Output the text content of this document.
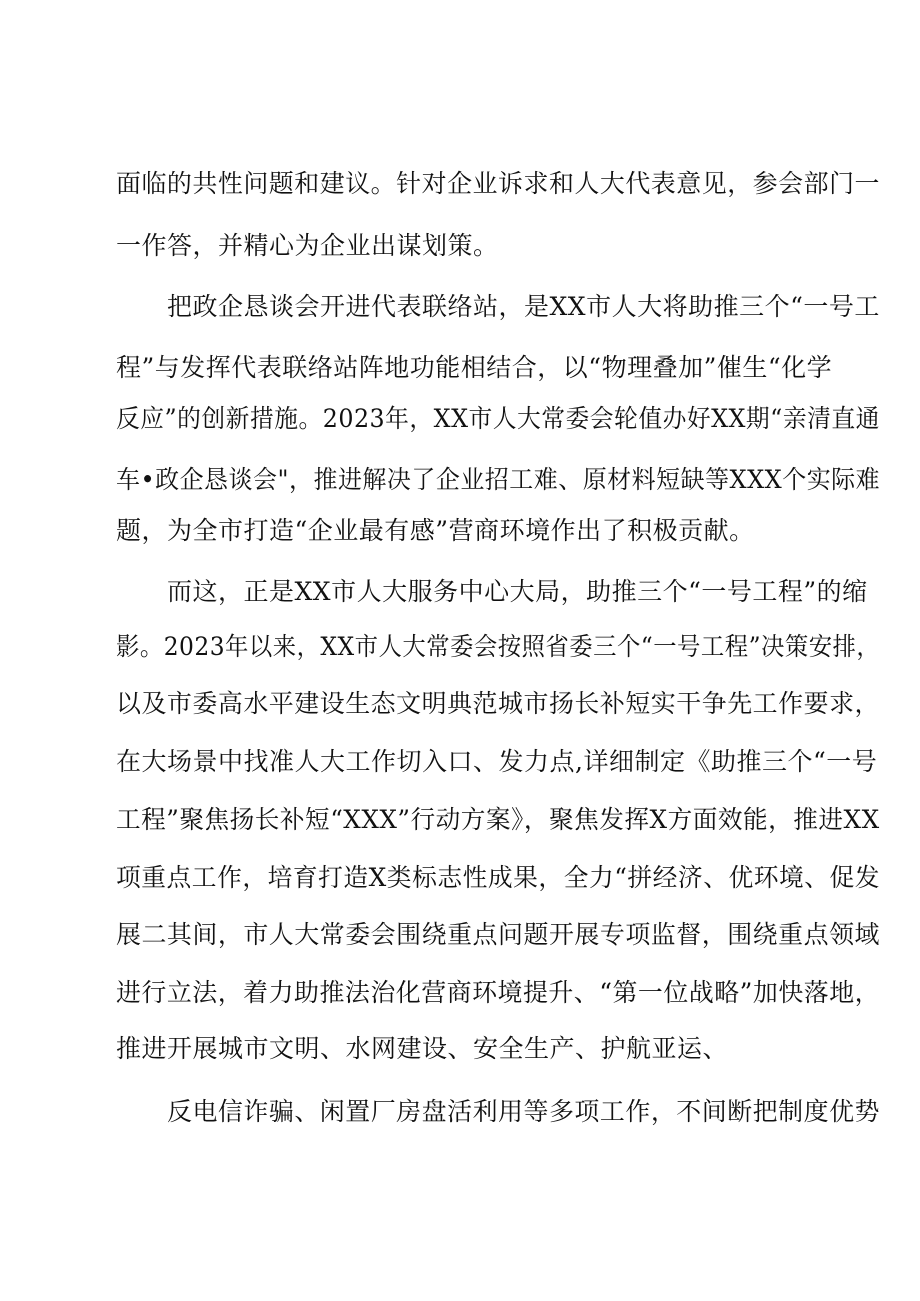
面临的共性问题和建议。针对企业诉求和人大代表意见，参会部门一
一作答，并精心为企业出谋划策。
把政企恳谈会开进代表联络站，是XX市人大将助推三个“一号工
程”与发挥代表联络站阵地功能相结合，以“物理叠加”催生“化学
反应”的创新措施。2023年，XX市人大常委会轮值办好XX期“亲清直通
车•政企恳谈会"，推进解决了企业招工难、原材料短缺等XXX个实际难
题，为全市打造“企业最有感”营商环境作出了积极贡献。
而这，正是XX市人大服务中心大局，助推三个“一号工程”的缩
影。2023年以来，XX市人大常委会按照省委三个“一号工程”决策安排，
以及市委高水平建设生态文明典范城市扬长补短实干争先工作要求，
在大场景中找准人大工作切入口、发力点,详细制定《助推三个“一号
工程”聚焦扬长补短“XXX”行动方案》，聚焦发挥X方面效能，推进XX
项重点工作，培育打造X类标志性成果，全力“拼经济、优环境、促发
展二其间，市人大常委会围绕重点问题开展专项监督，围绕重点领域
进行立法，着力助推法治化营商环境提升、“第一位战略”加快落地，
推进开展城市文明、水网建设、安全生产、护航亚运、
反电信诈骗、闲置厂房盘活利用等多项工作，不间断把制度优势
